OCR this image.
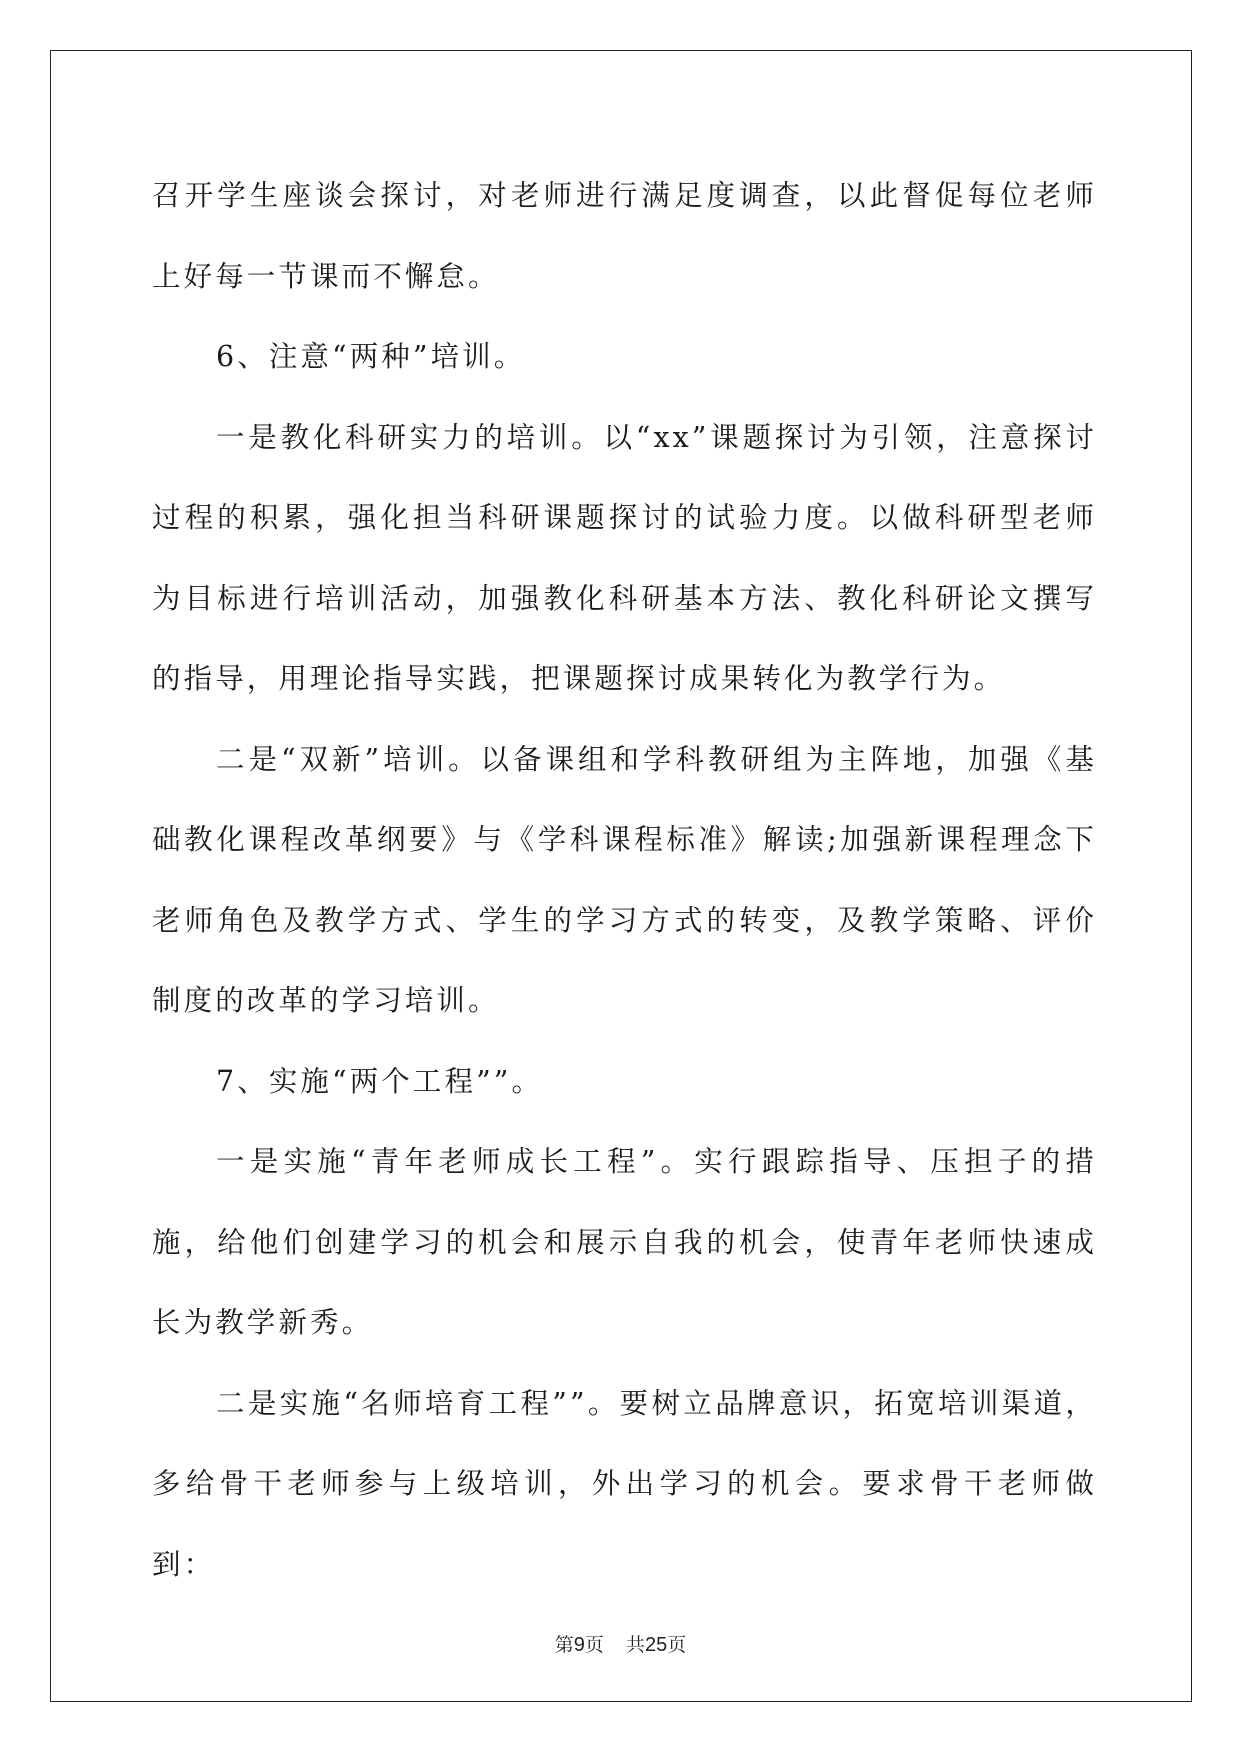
召开学生座谈会探讨，对老师进行满足度调查，以此督促每位老师上好每一节课而不懈怠。

6、注意“两种”培训。

一是教化科研实力的培训。以“xx”课题探讨为引领，注意探讨过程的积累，强化担当科研课题探讨的试验力度。以做科研型老师为目标进行培训活动，加强教化科研基本方法、教化科研论文撰写的指导，用理论指导实践，把课题探讨成果转化为教学行为。

二是“双新”培训。以备课组和学科教研组为主阵地，加强《基础教化课程改革纲要》与《学科课程标准》解读;加强新课程理念下老师角色及教学方式、学生的学习方式的转变，及教学策略、评价制度的改革的学习培训。

7、实施“两个工程””。

一是实施“青年老师成长工程”。实行跟踪指导、压担子的措施，给他们创建学习的机会和展示自我的机会，使青年老师快速成长为教学新秀。

二是实施“名师培育工程””。要树立品牌意识，拓宽培训渠道，多给骨干老师参与上级培训，外出学习的机会。要求骨干老师做到：

第9页 共25页
